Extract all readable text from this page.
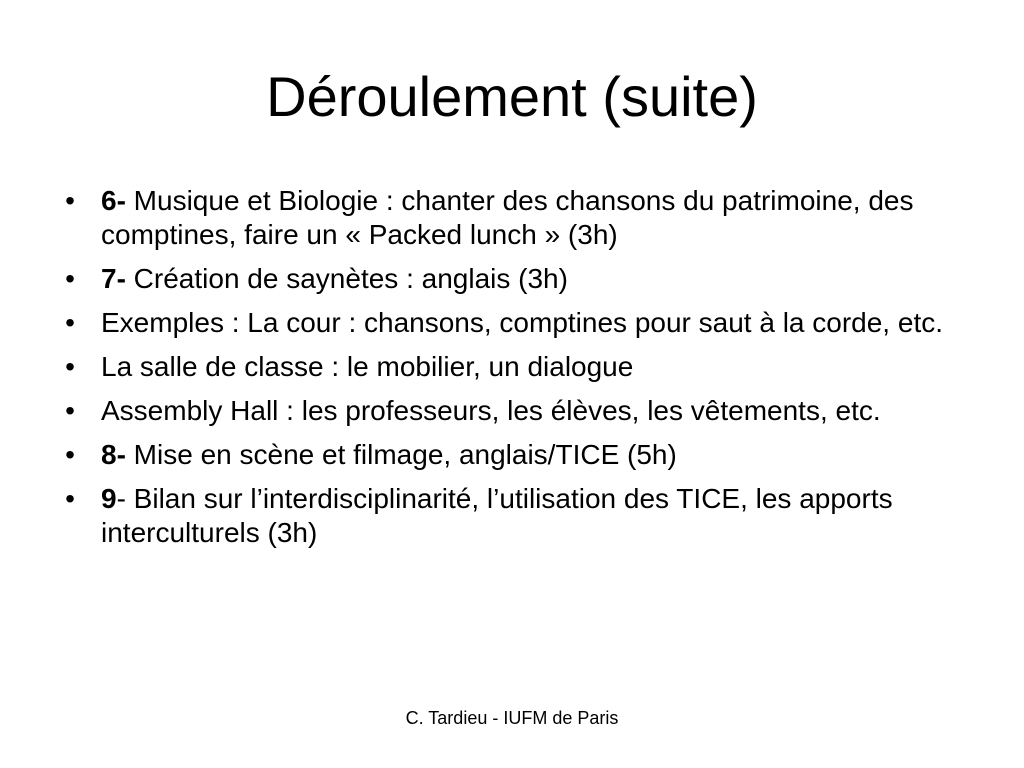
Déroulement (suite)
• 6- Musique et Biologie : chanter des chansons du patrimoine, des comptines, faire un « Packed lunch » (3h)
• 7- Création de saynètes : anglais (3h)
• Exemples : La cour : chansons, comptines pour saut à la corde, etc.
• La salle de classe : le mobilier, un dialogue
• Assembly Hall : les professeurs, les élèves, les vêtements, etc.
• 8- Mise en scène et filmage, anglais/TICE (5h)
• 9- Bilan sur l’interdisciplinarité, l’utilisation des TICE, les apports interculturels (3h)

C. Tardieu - IUFM de Paris
